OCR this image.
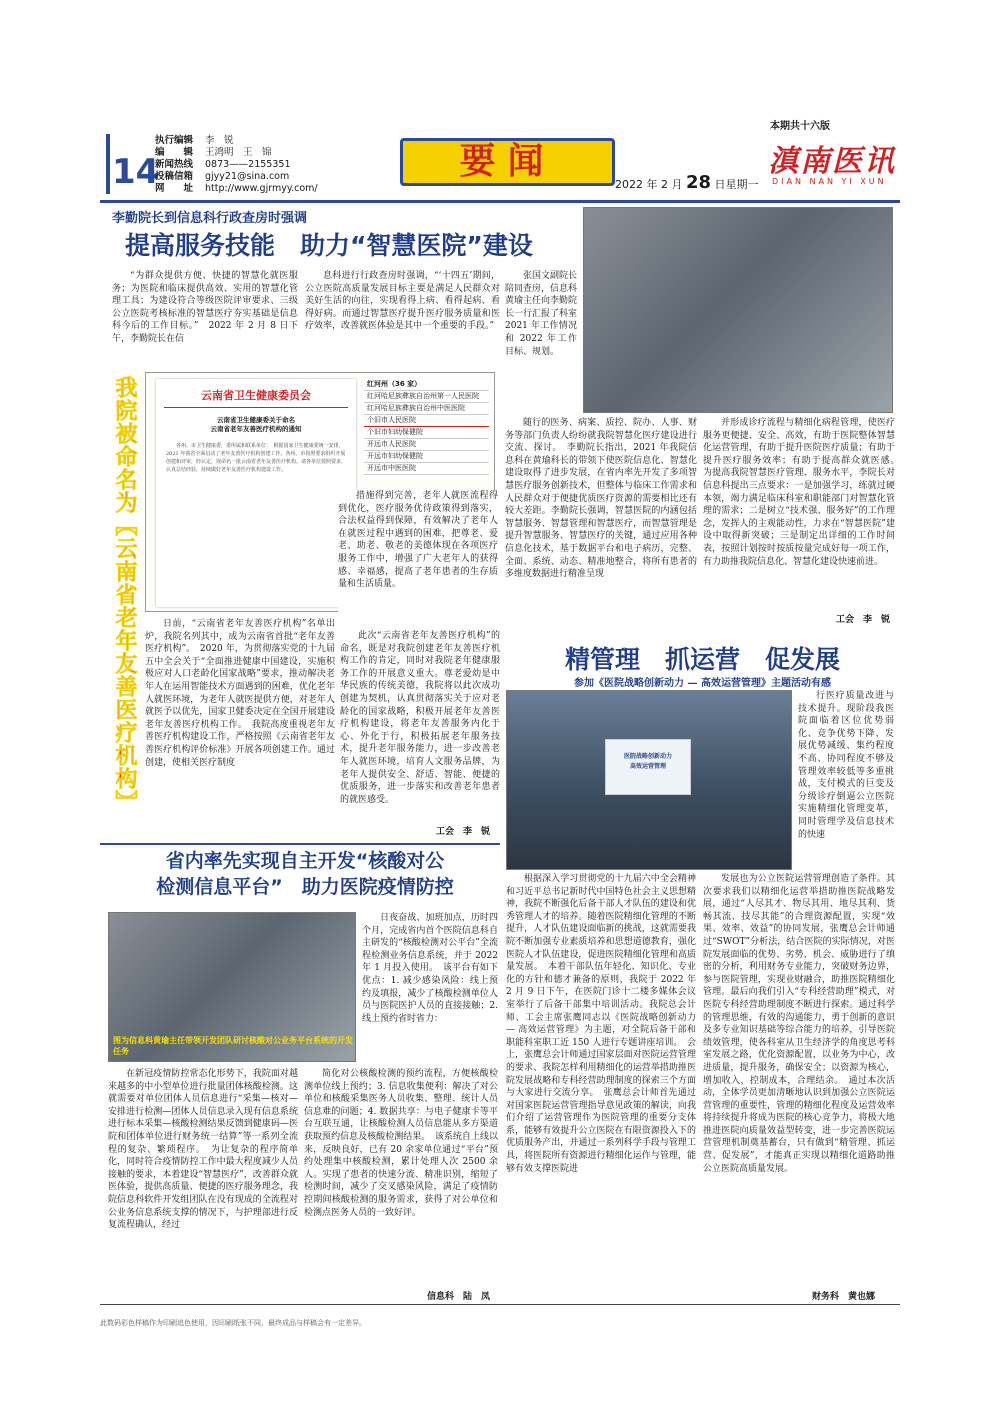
本期共十六版
14
执行编辑 李　锐
编　　辑 王鸿明　王　锦
新闻热线 0873——2155351
投稿信箱 gjyy21@sina.com
网　　址 http://www.gjrmyy.com/
要闻
2022 年 2 月 28 日星期一
滇南医讯
DIAN NAN YI XUN
李勤院长到信息科行政查房时强调
提高服务技能　助力“智慧医院”建设
“为群众提供方便、快捷的智慧化就医服务；为医院和临床提供高效、实用的智慧化管理工具；为建设符合等级医院评审要求、三级公立医院考核标准的智慧医疗夯实基础是信息科今后的工作目标。”　2022 年 2 月 8 日下午，李勤院长在信
息科进行行政查房时强调，“‘十四五’期间，公立医院高质量发展目标主要是满足人民群众对美好生活的向往，实现看得上病、看得起病、看得好病。而通过智慧医疗提升医疗服务质量和医疗效率，改善就医体验是其中一个重要的手段。”
张国文副院长陪同查房，信息科黄瑜主任向李勤院长一行汇报了科室 2021 年工作情况和 2022 年工作目标、规划。
随行的医务、病案、质控、院办、人事、财务等部门负责人纷纷就我院智慧化医疗建设进行交流、探讨。　李勤院长指出，2021 年我院信息科在黄瑜科长的带领下使医院信息化、智慧化建设取得了进步发展，在省内率先开发了多项智慧医疗服务创新技术，但整体与临床工作需求和人民群众对于便捷优质医疗资源的需要相比还有较大差距。李勤院长强调，智慧医院的内涵包括智慧服务、智慧管理和智慧医疗，而智慧管理是提升智慧服务、智慧医疗的关键，通过应用各种信息化技术，基于数据平台和电子病历，完整、全面、系统、动态、精准地整合，将所有患者的多维度数据进行精准呈现
并形成诊疗流程与精细化病程管理，使医疗服务更便捷、安全、高效，有助于医院整体智慧化运营管理，有助于提升医院医疗质量；有助于提升医疗服务效率；有助于提高群众就医感。　为提高我院智慧医疗管理、服务水平，李院长对信息科提出三点要求：一是加强学习，练就过硬本领，竭力满足临床科室和职能部门对智慧化管理的需求；二是树立“技术强、服务好”的工作理念，发挥人的主观能动性，力求在“智慧医院”建设中取得新突破；三是制定出详细的工作时间表，按照计划按时按质按量完成好每一项工作，有力助推我院信息化、智慧化建设快速前进。
工会　李　锐
我院被命名为〖云南省老年友善医疗机构〗	云南省卫生健康委员会
云南省卫生健康委关于命名
云南省老年友善医疗机构的通知
各州、市卫生健康委，委所属和联系单位：　根据国家卫生健康委统一安排，2021 年我省全面启动了老年友善医疗机构创建工作。各州、市按照要求组织开展创建和评审，经认定，现命名一批云南省老年友善医疗机构。请各单位按照要求，认真总结经验，持续做好老年友善医疗机构建设工作。
红河州（36 家）
红河哈尼族彝族自治州第一人民医院
红河哈尼族彝族自治州中医医院
个旧市人民医院
个旧市妇幼保健院
开远市人民医院
开远市妇幼保健院
开远市中医医院
措施得到完善，老年人就医流程得到优化，医疗服务优待政策得到落实，合法权益得到保障，有效解决了老年人在就医过程中遇到的困难，把尊老、爱老、助老、敬老的美德体现在各项医疗服务工作中，增强了广大老年人的获得感、幸福感，提高了老年患者的生存质量和生活质量。
日前，“云南省老年友善医疗机构”名单出炉，我院名列其中，成为云南省首批“老年友善医疗机构”。　2020 年，为贯彻落实党的十九届五中全会关于“全面推进健康中国建设，实施积极应对人口老龄化国家战略”要求，推动解决老年人在运用智能技术方面遇到的困难，优化老年人就医环境，为老年人就医提供方便，对老年人就医予以优先，国家卫健委决定在全国开展建设老年友善医疗机构工作。　我院高度重视老年友善医疗机构建设工作，严格按照《云南省老年友善医疗机构评价标准》开展各项创建工作。通过创建，使相关医疗制度
此次“云南省老年友善医疗机构”的命名，既是对我院创建老年友善医疗机构工作的肯定，同时对我院老年健康服务工作的开展意义重大。尊老爱幼是中华民族的传统美德，我院将以此次成功创建为契机，认真贯彻落实关于应对老龄化的国家战略，积极开展老年友善医疗机构建设，将老年友善服务内化于心、外化于行，积极拓展老年服务技术，提升老年服务能力，进一步改善老年人就医环境，培育人文服务品牌，为老年人提供安全、舒适、智能、便捷的优质服务，进一步落实和改善老年患者的就医感受。
工会　李　锐
省内率先实现自主开发“核酸对公
检测信息平台”　助力医院疫情防控
图为信息科黄瑜主任带领开发团队研讨核酸对公业务平台系统的开发任务
日夜奋战、加班加点，历时四个月，完成省内首个医院信息科自主研发的“核酸检测对公平台”全流程检测业务信息系统，并于 2022 年 1 月投入使用。　该平台有如下优点：1. 减少感染风险：线上预约及填报，减少了核酸检测单位人员与医院医护人员的直接接触；2. 线上预约省时省力：
在新冠疫情防控常态化形势下，我院面对越来越多的中小型单位进行批量团体核酸检测。这就需要对单位团体人员信息进行“采集—核对—安排进行检测—团体人员信息录入现有信息系统进行标本采集—核酸检测结果反馈到健康码—医院和团体单位进行财务统一结算”等一系列全流程的复杂、繁琐程序。　为让复杂的程序简单化，同时符合疫情防控工作中最大程度减少人员接触的要求，本着建设“智慧医疗”，改善群众就医体验，提供高质量、便捷的医疗服务理念，我院信息科软件开发组团队在没有现成的全流程对公业务信息系统支撑的情况下，与护理部进行反复流程确认，经过
简化对公核酸检测的预约流程，方便核酸检测单位线上预约；3. 信息收集便利：解决了对公单位和核酸采集医务人员收集、整理、统计人员信息难的问题；4. 数据共享：与电子健康卡等平台互联互通，让核酸检测人员信息能从多方渠道获取预约信息及核酸检测结果。　该系统自上线以来，反映良好，已有 20 余家单位通过“平台”预约处理集中核酸检测，累计处理人次 2500 余人。实现了患者的快速分流、精准识别，缩短了检测时间，减少了交叉感染风险，满足了疫情防控期间核酸检测的服务需求，获得了对公单位和检测点医务人员的一致好评。
信息科　陆　凤
精管理　抓运营　促发展
参加《医院战略创新动力 — 高效运营管理》主题活动有感
医院战略创新动力
高效运营管理
行医疗质量改进与技术提升。现阶段我医院面临着区位优势弱化、竞争优势下降、发展优势减缓、集约程度不高、协同程度不够及管理效率较低等多重挑战，支付模式的巨变及分级诊疗倒逼公立医院实施精细化管理变革，同时管理学及信息技术的快速
根据深入学习贯彻党的十九届六中全会精神和习近平总书记新时代中国特色社会主义思想精神，我院不断强化后备干部人才队伍的建设和优秀管理人才的培养。随着医院精细化管理的不断提升，人才队伍建设面临新的挑战，这就需要我院不断加强专业素质培养和思想道德教育，强化医院人才队伍建设，促进医院精细化管理和高质量发展。　本着干部队伍年轻化、知识化、专业化的方针和德才兼备的原则，我院于 2022 年 2 月 9 日下午，在医院门诊十二楼多媒体会议室举行了后备干部集中培训活动。我院总会计师、工会主席张鹰同志以《医院战略创新动力 — 高效运营管理》为主题，对全院后备干部和职能科室职工近 150 人进行专题讲座培训。　会上，张鹰总会计师通过国家层面对医院运营管理的要求、我院怎样利用精细化的运营举措助推医院发展战略和专科经营助理制度的探索三个方面与大家进行交流分享。　张鹰总会计师首先通过对国家医院运营管理指导意见政策的解读，向我们介绍了运营管理作为医院管理的重要分支体系，能够有效提升公立医院在有限资源投入下的优质服务产出，并通过一系列科学手段与管理工具，将医院所有资源进行精细化运作与管理，能够有效支撑医院进
发展也为公立医院运营管理创造了条件。其次要求我们以精细化运营举措助推医院战略发展，通过“人尽其才、物尽其用、地尽其利、货畅其流、技尽其能”的合理资源配置，实现“效果、效率、效益”的协同发展，张鹰总会计师通过“SWOT”分析法，结合医院的实际情况，对医院发展面临的优势、劣势、机会、威胁进行了缜密的分析，利用财务专业能力，突破财务边界，参与医院管理，实现业财融合，助推医院精细化管理。最后向我们引入“专科经营助理”模式，对医院专科经营助理制度不断进行探索。通过科学的管理思维，有效的沟通能力，勇于创新的意识及多专业知识基础等综合能力的培养，引导医院绩效管理，使各科室从卫生经济学的角度思考科室发展之路，优化资源配置，以业务为中心，改进质量，提升服务，确保安全；以资源为核心，增加收入，控制成本，合理结余。　通过本次活动，全体学员更加清晰地认识到加强公立医院运营管理的重要性，管理的精细化程度及运营效率将持续提升将成为医院的核心竞争力，将极大地推进医院向质量效益型转变，进一步完善医院运营管理机制奠基蓄台，只有做到“精管理、抓运营、促发展”，才能真正实现以精细化道路助推公立医院高质量发展。
财务科　黄也娜
此数码彩色样稿作为印刷追色使用，因印刷纸张不同，最终成品与样稿会有一定差异。
